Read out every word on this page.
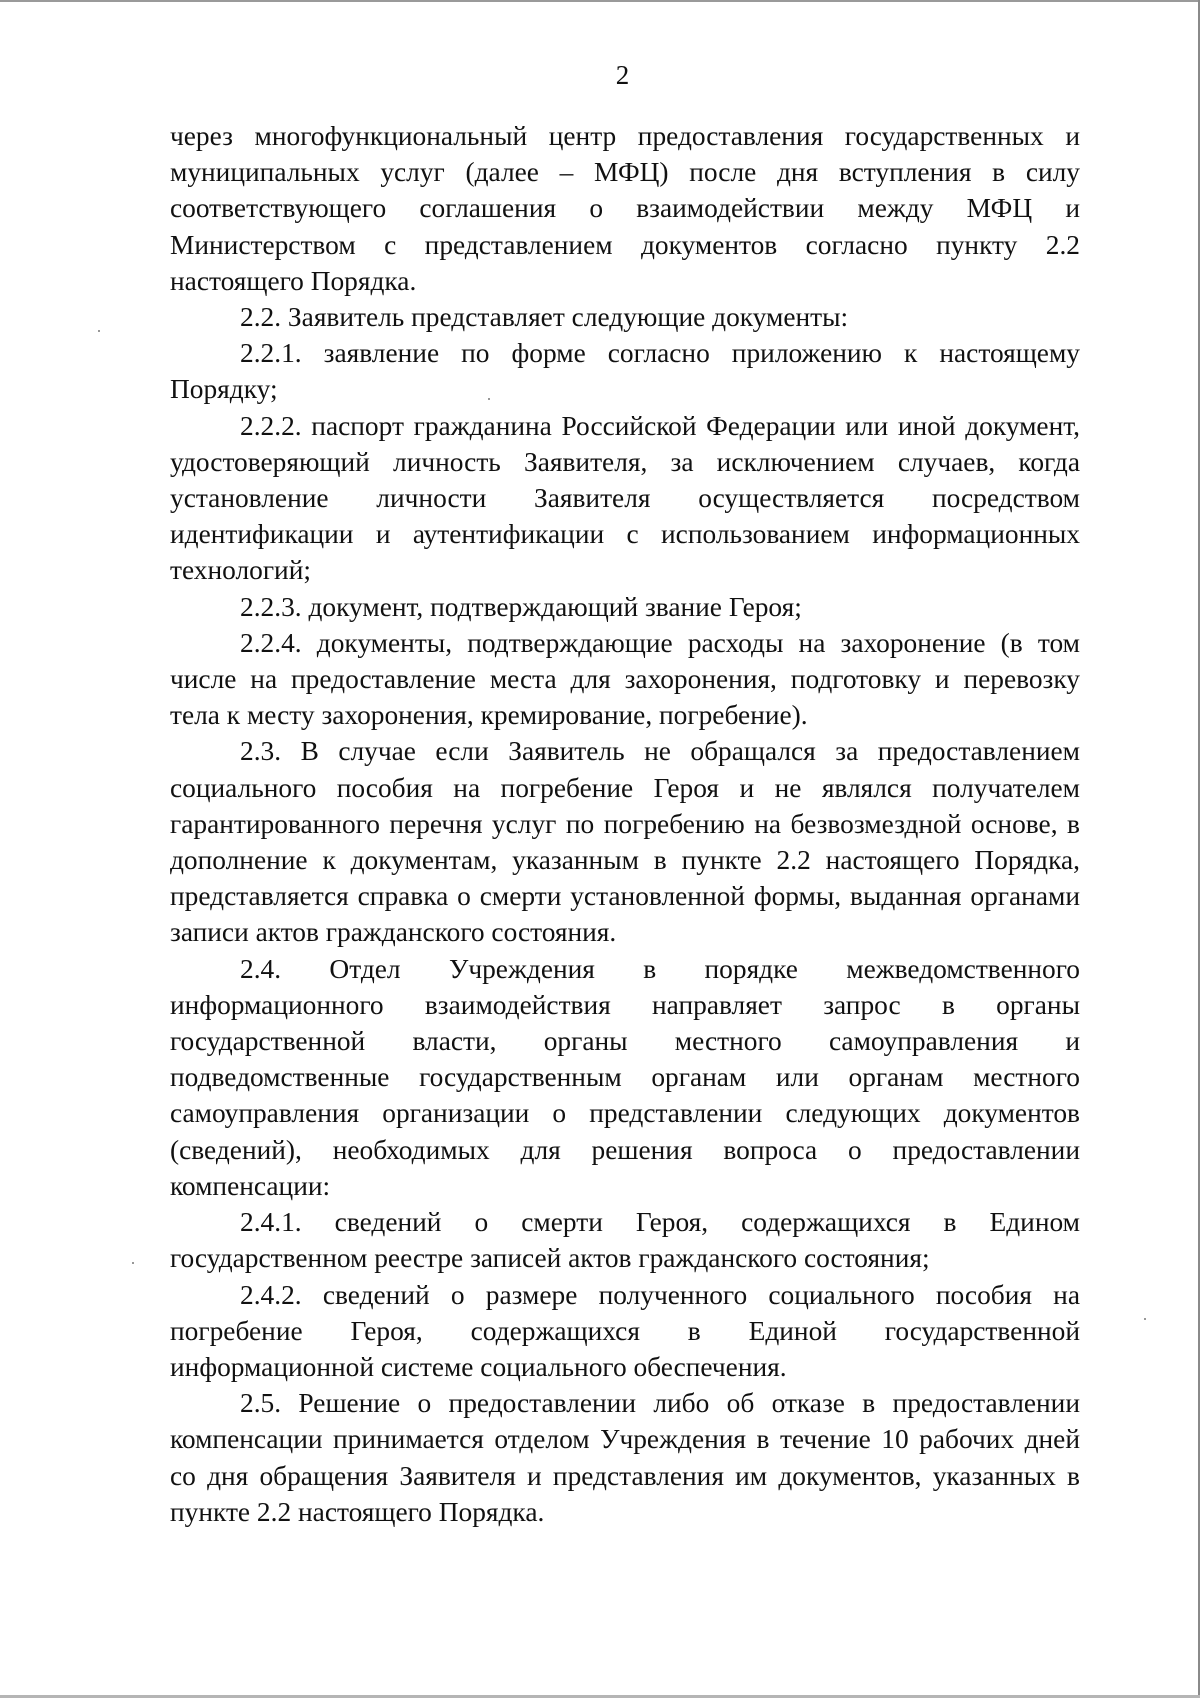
2

через многофункциональный центр предоставления государственных и муниципальных услуг (далее – МФЦ) после дня вступления в силу соответствующего соглашения о взаимодействии между МФЦ и Министерством с представлением документов согласно пункту 2.2 настоящего Порядка.

2.2. Заявитель представляет следующие документы:

2.2.1. заявление по форме согласно приложению к настоящему Порядку;

2.2.2. паспорт гражданина Российской Федерации или иной документ, удостоверяющий личность Заявителя, за исключением случаев, когда установление личности Заявителя осуществляется посредством идентификации и аутентификации с использованием информационных технологий;

2.2.3. документ, подтверждающий звание Героя;

2.2.4. документы, подтверждающие расходы на захоронение (в том числе на предоставление места для захоронения, подготовку и перевозку тела к месту захоронения, кремирование, погребение).

2.3. В случае если Заявитель не обращался за предоставлением социального пособия на погребение Героя и не являлся получателем гарантированного перечня услуг по погребению на безвозмездной основе, в дополнение к документам, указанным в пункте 2.2 настоящего Порядка, представляется справка о смерти установленной формы, выданная органами записи актов гражданского состояния.

2.4. Отдел Учреждения в порядке межведомственного информационного взаимодействия направляет запрос в органы государственной власти, органы местного самоуправления и подведомственные государственным органам или органам местного самоуправления организации о представлении следующих документов (сведений), необходимых для решения вопроса о предоставлении компенсации:

2.4.1. сведений о смерти Героя, содержащихся в Едином государственном реестре записей актов гражданского состояния;

2.4.2. сведений о размере полученного социального пособия на погребение Героя, содержащихся в Единой государственной информационной системе социального обеспечения.

2.5. Решение о предоставлении либо об отказе в предоставлении компенсации принимается отделом Учреждения в течение 10 рабочих дней со дня обращения Заявителя и представления им документов, указанных в пункте 2.2 настоящего Порядка.
